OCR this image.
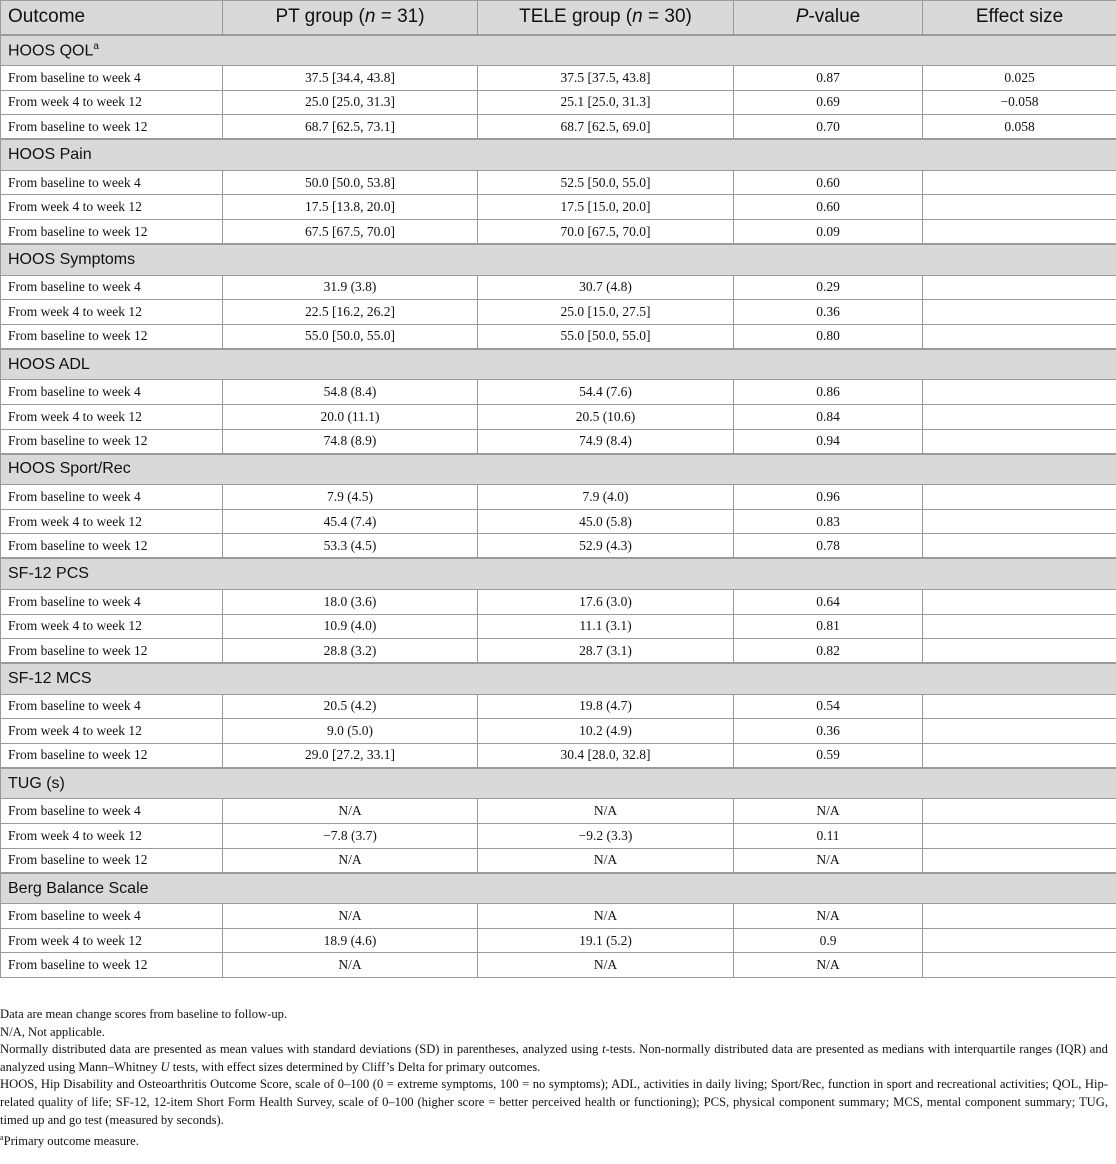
Outcome	PT group (n = 31)	TELE group (n = 30)	P-value	Effect size
HOOS QOL$^a$
From baseline to week 4	37.5 [34.4, 43.8]	37.5 [37.5, 43.8]	0.87	0.025
From week 4 to week 12	25.0 [25.0, 31.3]	25.1 [25.0, 31.3]	0.69	−0.058
From baseline to week 12	68.7 [62.5, 73.1]	68.7 [62.5, 69.0]	0.70	0.058
HOOS Pain				
From baseline to week 4	50.0 [50.0, 53.8]	52.5 [50.0, 55.0]	0.60	
From week 4 to week 12	17.5 [13.8, 20.0]	17.5 [15.0, 20.0]	0.60	
From baseline to week 12	67.5 [67.5, 70.0]	70.0 [67.5, 70.0]	0.09	
HOOS Symptoms				
From baseline to week 4	31.9 (3.8)	30.7 (4.8)	0.29	
From week 4 to week 12	22.5 [16.2, 26.2]	25.0 [15.0, 27.5]	0.36	
From baseline to week 12	55.0 [50.0, 55.0]	55.0 [50.0, 55.0]	0.80	
HOOS ADL				
From baseline to week 4	54.8 (8.4)	54.4 (7.6)	0.86	
From week 4 to week 12	20.0 (11.1)	20.5 (10.6)	0.84	
From baseline to week 12	74.8 (8.9)	74.9 (8.4)	0.94	
HOOS Sport/Rec				
From baseline to week 4	7.9 (4.5)	7.9 (4.0)	0.96	
From week 4 to week 12	45.4 (7.4)	45.0 (5.8)	0.83	
From baseline to week 12	53.3 (4.5)	52.9 (4.3)	0.78	
SF-12 PCS				
From baseline to week 4	18.0 (3.6)	17.6 (3.0)	0.64	
From week 4 to week 12	10.9 (4.0)	11.1 (3.1)	0.81	
From baseline to week 12	28.8 (3.2)	28.7 (3.1)	0.82	
SF-12 MCS				
From baseline to week 4	20.5 (4.2)	19.8 (4.7)	0.54	
From week 4 to week 12	9.0 (5.0)	10.2 (4.9)	0.36	
From baseline to week 12	29.0 [27.2, 33.1]	30.4 [28.0, 32.8]	0.59	
TUG (s)				
From baseline to week 4	N/A	N/A	N/A	
From week 4 to week 12	−7.8 (3.7)	−9.2 (3.3)	0.11	
From baseline to week 12	N/A	N/A	N/A	
Berg Balance Scale				
From baseline to week 4	N/A	N/A	N/A	
From week 4 to week 12	18.9 (4.6)	19.1 (5.2)	0.9	
From baseline to week 12	N/A	N/A	N/A	

Data are mean change scores from baseline to follow-up.

N/A, Not applicable.

Normally distributed data are presented as mean values with standard deviations (SD) in parentheses, analyzed using t-tests. Non-normally distributed data are presented as medians with interquartile ranges (IQR) and analyzed using Mann–Whitney U tests, with effect sizes determined by Cliff’s Delta for primary outcomes.

HOOS, Hip Disability and Osteoarthritis Outcome Score, scale of 0–100 (0 = extreme symptoms, 100 = no symptoms); ADL, activities in daily living; Sport/Rec, function in sport and recreational activities; QOL, Hip-related quality of life; SF-12, 12-item Short Form Health Survey, scale of 0–100 (higher score = better perceived health or functioning); PCS, physical component summary; MCS, mental component summary; TUG, timed up and go test (measured by seconds).

$^a$Primary outcome measure.
